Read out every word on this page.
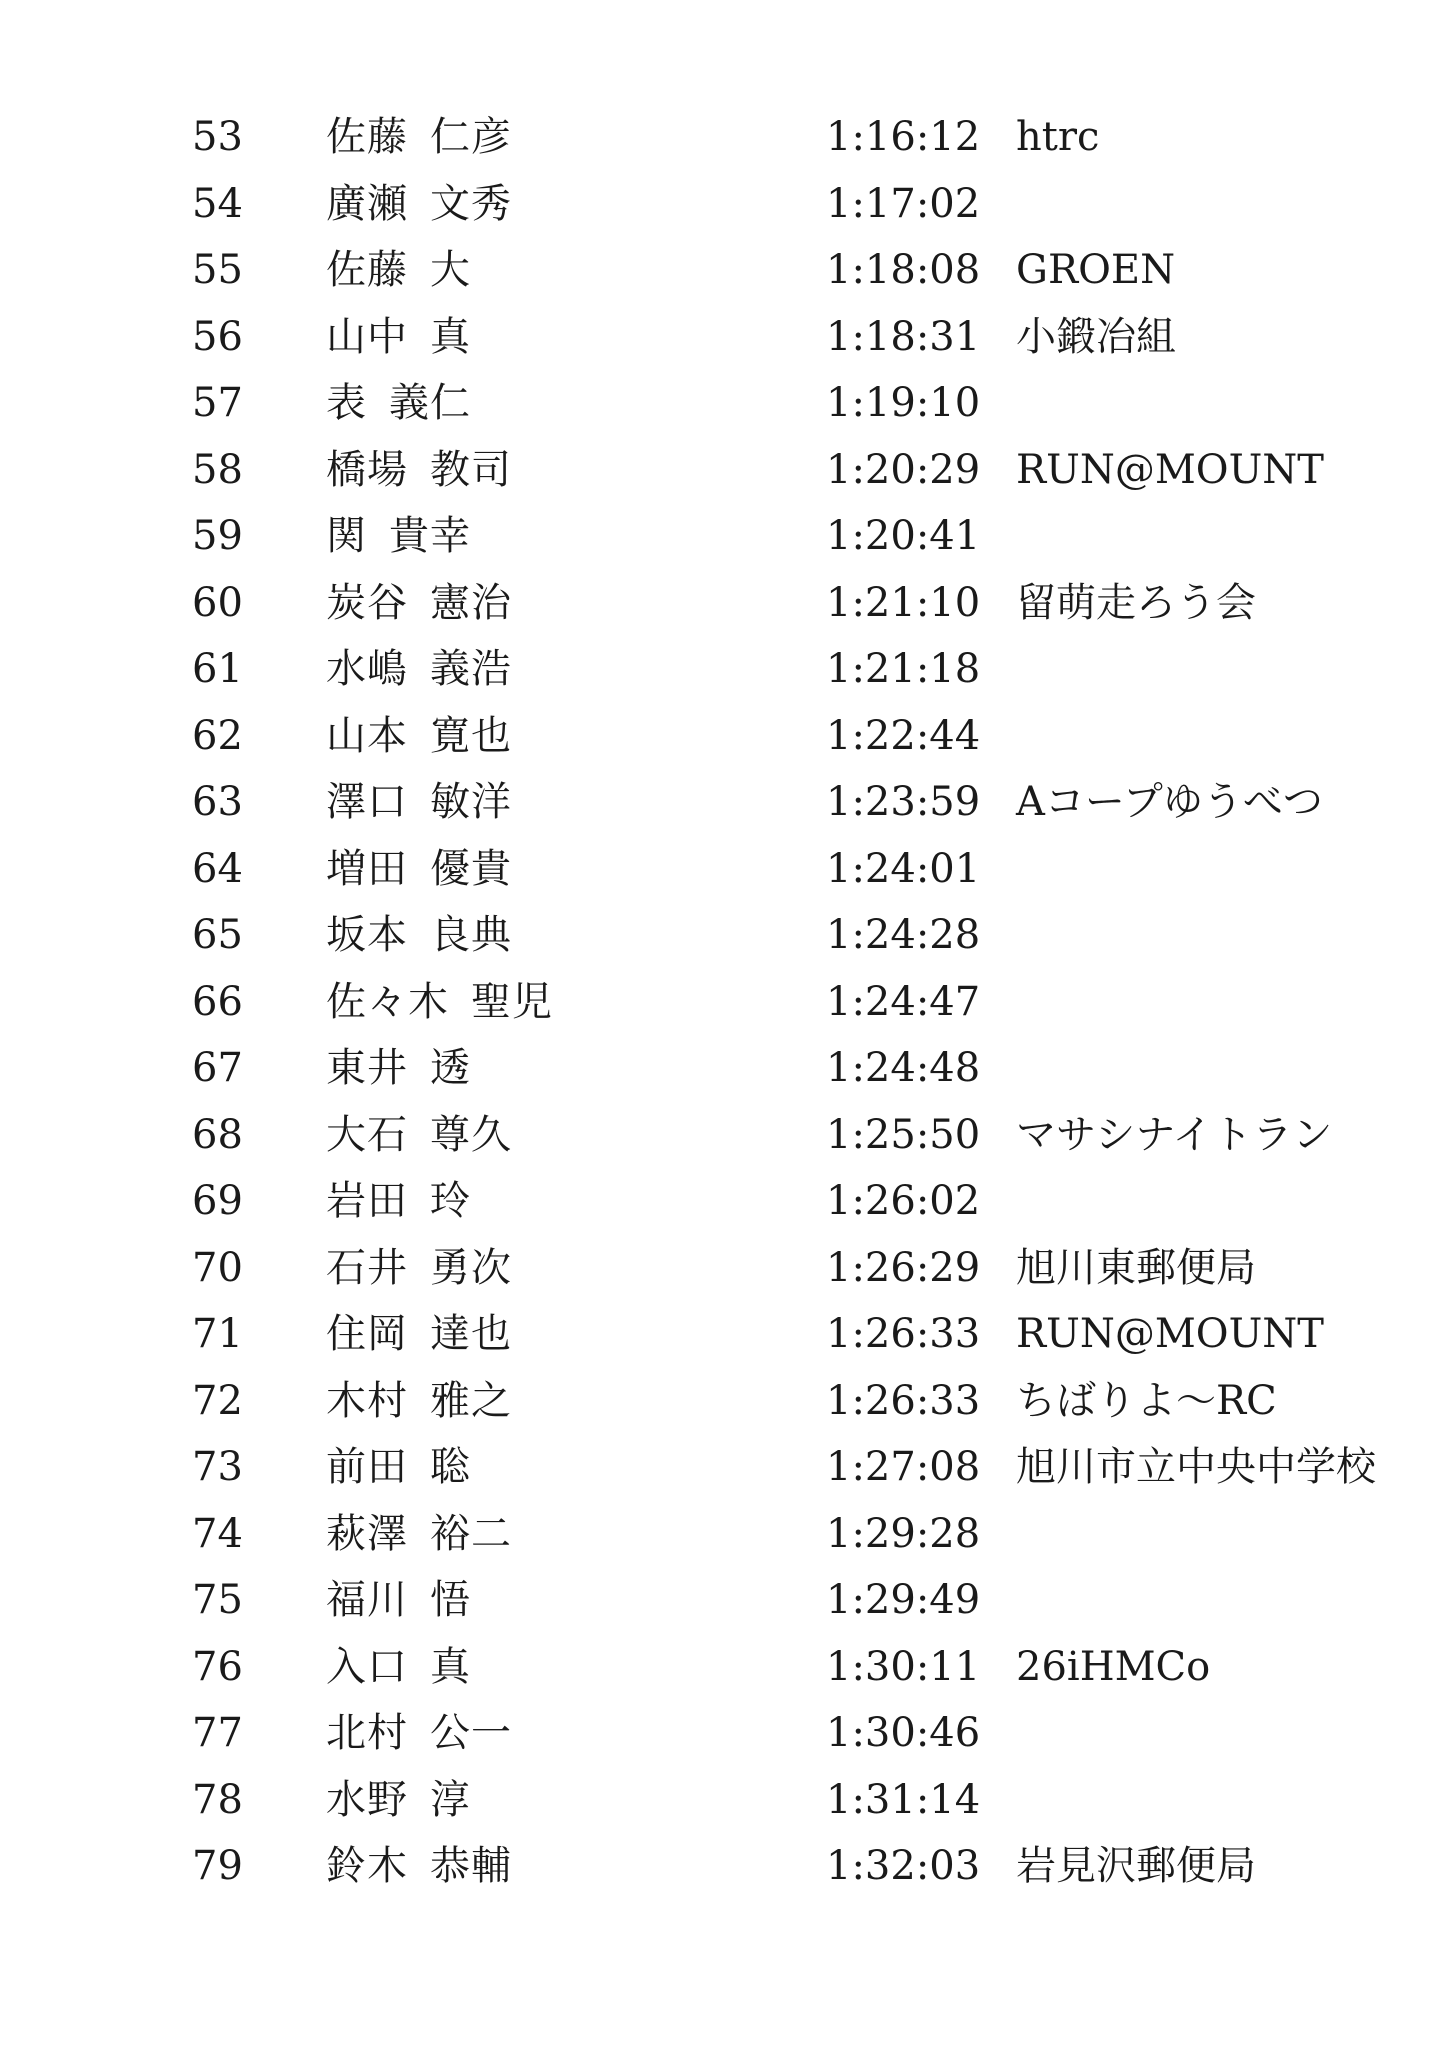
53 佐藤 仁彦	1:16:12 htrc
54 廣瀬 文秀	1:17:02
55 佐藤 大	1:18:08 GROEN
56 山中 真	1:18:31 小鍛冶組
57 表 義仁	1:19:10
58 橋場 教司	1:20:29 RUN@MOUNT
59 関 貴幸	1:20:41
60 炭谷 憲治	1:21:10 留萌走ろう会
61 水嶋 義浩	1:21:18
62 山本 寛也	1:22:44
63 澤口 敏洋	1:23:59 Aコープゆうべつ
64 増田 優貴	1:24:01
65 坂本 良典	1:24:28
66 佐々木 聖児	1:24:47
67 東井 透	1:24:48
68 大石 尊久	1:25:50 マサシナイトラン
69 岩田 玲	1:26:02
70 石井 勇次	1:26:29 旭川東郵便局
71 住岡 達也	1:26:33 RUN@MOUNT
72 木村 雅之	1:26:33 ちばりよ～RC
73 前田 聡	1:27:08 旭川市立中央中学校
74 萩澤 裕二	1:29:28
75 福川 悟	1:29:49
76 入口 真	1:30:11 26iHMCo
77 北村 公一	1:30:46
78 水野 淳	1:31:14
79 鈴木 恭輔	1:32:03 岩見沢郵便局
